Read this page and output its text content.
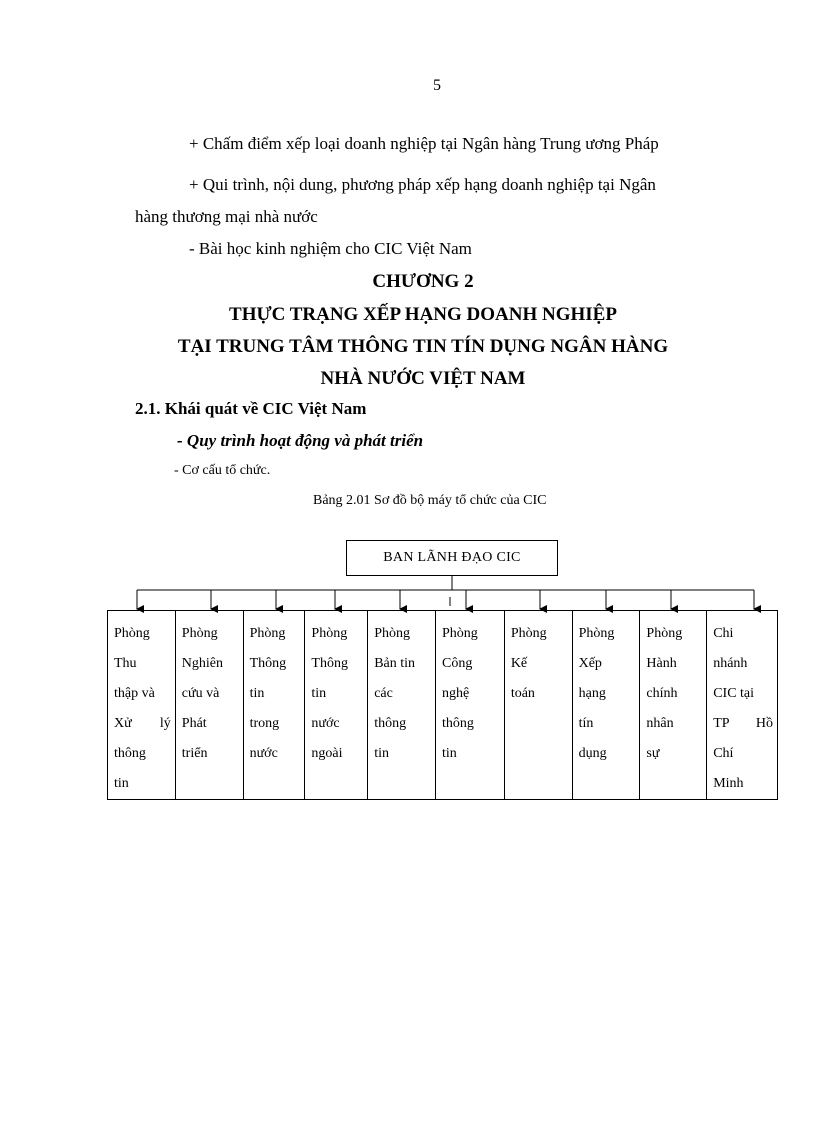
5
+ Chấm điểm xếp loại doanh nghiệp tại Ngân hàng Trung ương Pháp
+ Qui trình, nội dung, phương pháp xếp hạng doanh nghiệp tại Ngân
hàng thương mại nhà nước
- Bài học kinh nghiệm cho CIC Việt Nam
CHƯƠNG 2
THỰC TRẠNG XẾP HẠNG DOANH NGHIỆP
TẠI TRUNG TÂM THÔNG TIN TÍN DỤNG NGÂN HÀNG
NHÀ NƯỚC VIỆT NAM
2.1. Khái quát về CIC Việt Nam
- Quy trình hoạt động và phát triển
- Cơ cấu tổ chức.
Bảng 2.01 Sơ đồ bộ máy tổ chức của CIC
BAN LÃNH ĐẠO CIC
Phòng
Thu
thập và
Xử lý
thông
tin
Phòng
Nghiên
cứu và
Phát
triển
Phòng
Thông
tin
trong
nước
Phòng
Thông
tin
nước
ngoài
Phòng
Bản tin
các
thông
tin
Phòng
Công
nghệ
thông
tin
Phòng
Kế
toán
Phòng
Xếp
hạng
tín
dụng
Phòng
Hành
chính
nhân
sự
Chi
nhánh
CIC tại
TP Hồ
Chí
Minh
